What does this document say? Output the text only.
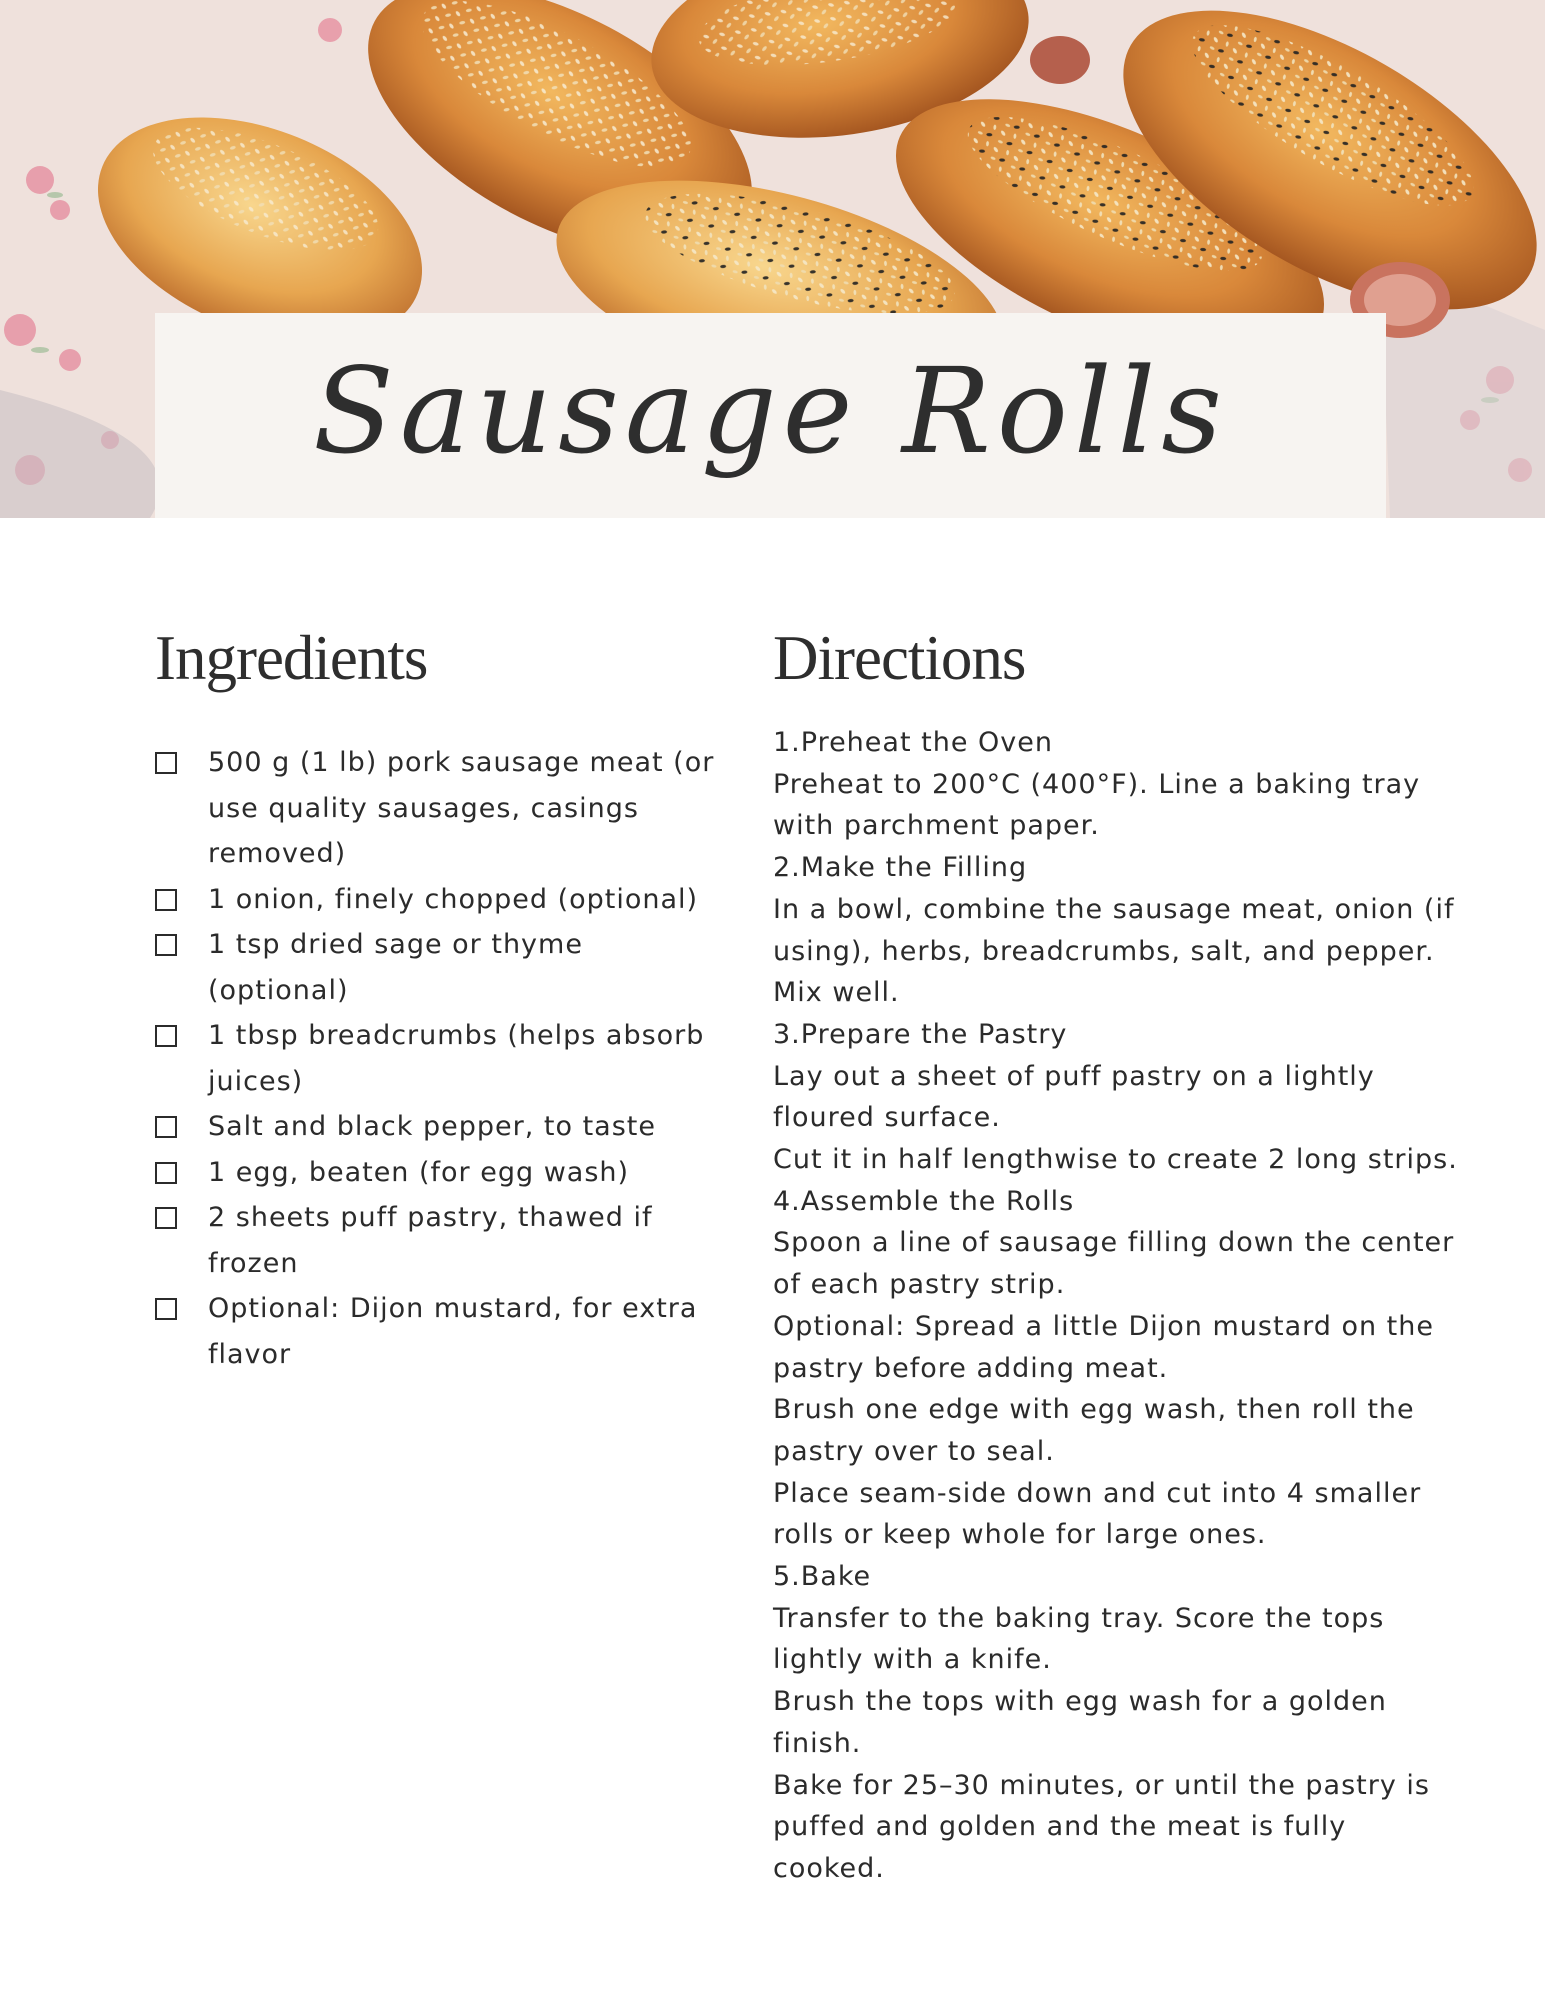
Sausage Rolls
Ingredients
500 g (1 lb) pork sausage meat (or use quality sausages, casings removed)
1 onion, finely chopped (optional)
1 tsp dried sage or thyme (optional)
1 tbsp breadcrumbs (helps absorb juices)
Salt and black pepper, to taste
1 egg, beaten (for egg wash)
2 sheets puff pastry, thawed if frozen
Optional: Dijon mustard, for extra flavor
Directions

1.Preheat the Oven

Preheat to 200°C (400°F). Line a baking tray with parchment paper.

2.Make the Filling

In a bowl, combine the sausage meat, onion (if using), herbs, breadcrumbs, salt, and pepper. Mix well.

3.Prepare the Pastry

Lay out a sheet of puff pastry on a lightly floured surface.

Cut it in half lengthwise to create 2 long strips.

4.Assemble the Rolls

Spoon a line of sausage filling down the center of each pastry strip.

Optional: Spread a little Dijon mustard on the pastry before adding meat.

Brush one edge with egg wash, then roll the pastry over to seal.

Place seam-side down and cut into 4 smaller rolls or keep whole for large ones.

5.Bake

Transfer to the baking tray. Score the tops lightly with a knife.

Brush the tops with egg wash for a golden finish.

Bake for 25–30 minutes, or until the pastry is puffed and golden and the meat is fully cooked.
